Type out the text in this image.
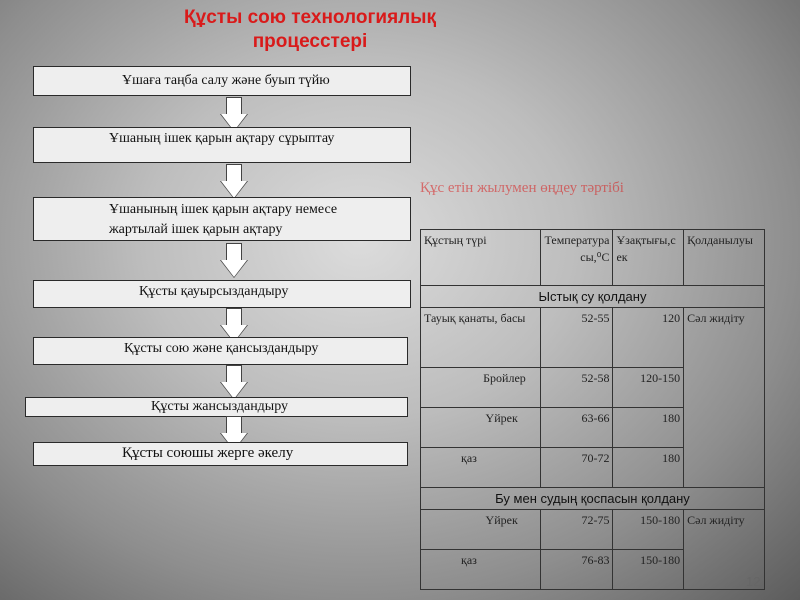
Құсты сою технологиялық процесстері
Ұшаға таңба салу және буып түйю
Ұшаның ішек қарын ақтару сұрыптау
Ұшанының ішек қарын ақтару немесе жартылай ішек қарын ақтару
Құсты қауырсыздандыру
Құсты сою және қансыздандыру
Құсты жансыздандыру
Құсты союшы жерге әкелу
Құс етін жылумен өңдеу тәртібі
Құстың түрі	Температурасы,⁰С	Ұзақтығы,сек	Қолданылуы
Ыстық су қолдану			
Тауық қанаты, басы	52-55	120	Сәл жидіту
Бройлер	52-58	120-150	
Үйрек	63-66	180	
қаз	70-72	180	
Бу мен судың қоспасын қолдану			
Үйрек	72-75	150-180	Сәл жидіту
қаз	76-83	150-180	
12
